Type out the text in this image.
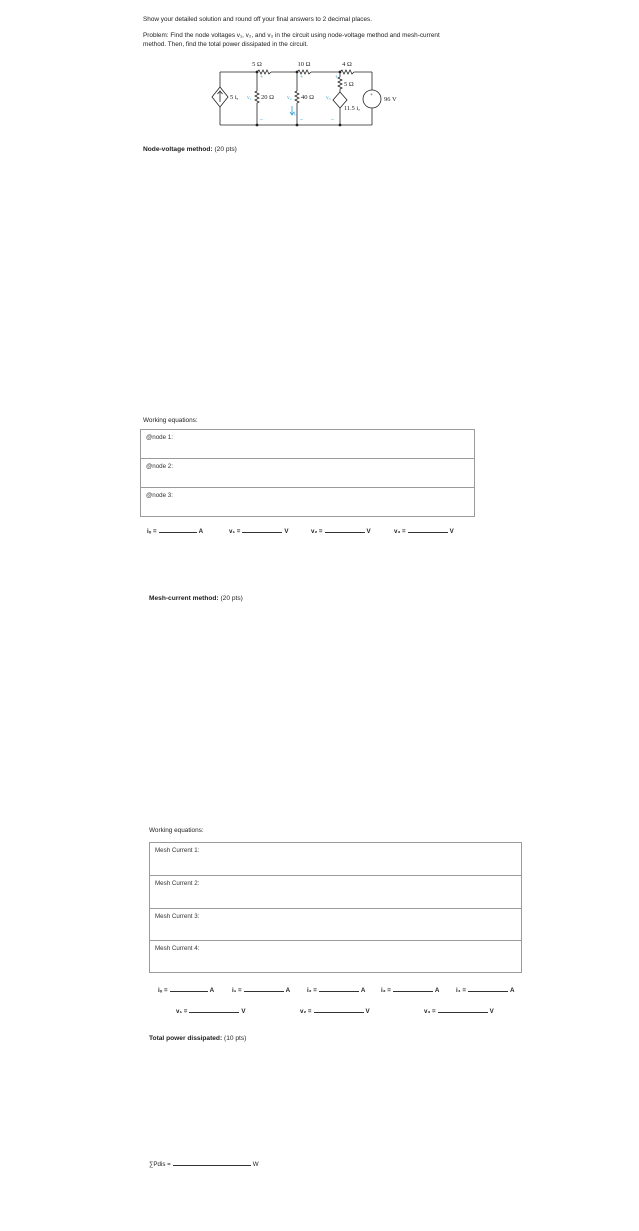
Show your detailed solution and round off your final answers to 2 decimal places.
Problem: Find the node voltages v₁, v₂, and v₃ in the circuit using node-voltage method and mesh-current
method. Then, find the total power dissipated in the circuit.
5 Ω	10 Ω	4 Ω
5 Ω
5 iₐ	20 Ω	40 Ω
11.5 iₐ
96 V
v₁	v₂	v₃
iₐ
+	+	+
–	–	–
+
Node-voltage method: (20 pts)
Working equations:
@node 1:
@node 2:
@node 3:
iₒ =	A	v₁ =	V	v₂ =	V	v₃ =	V
Mesh-current method: (20 pts)
Working equations:
Mesh Current 1:
Mesh Current 2:
Mesh Current 3:
Mesh Current 4:
iₒ =	A	i₁ =	A	i₂ =	A	i₃ =	A	i₄ =	A
v₁ =	V	v₂ =	V	v₃ =	V
Total power dissipated: (10 pts)
∑Pdis =	W
